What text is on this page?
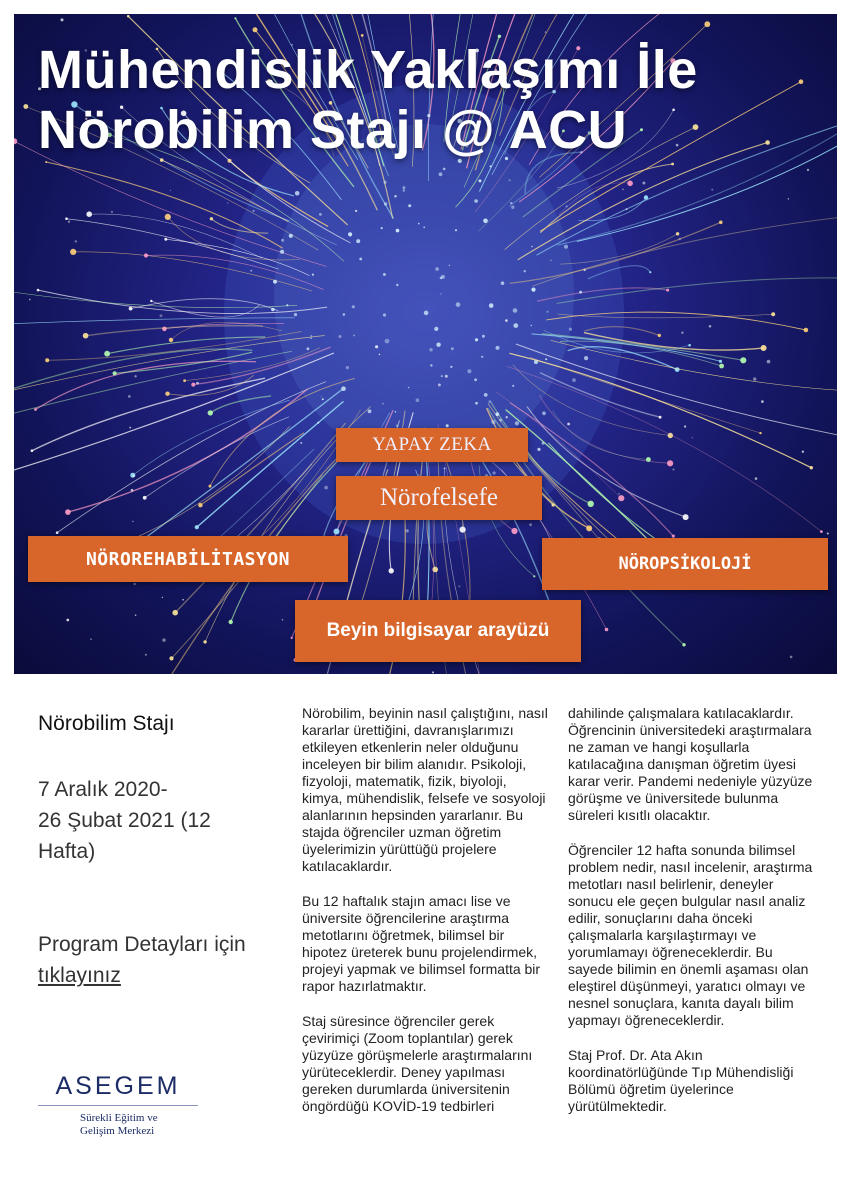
Mühendislik Yaklaşımı İle
Nörobilim Stajı @ ACU
YAPAY ZEKA
Nörofelsefe
NÖROREHABİLİTASYON	NÖROPSİKOLOJİ
Beyin bilgisayar arayüzü
Nörobilim Stajı
7 Aralık 2020-
26 Şubat 2021 (12
Hafta)
Program Detayları için
tıklayınız

Nörobilim, beyinin nasıl çalıştığını, nasıl kararlar ürettiğini, davranışlarımızı etkileyen etkenlerin neler olduğunu inceleyen bir bilim alanıdır. Psikoloji, fizyoloji, matematik, fizik, biyoloji, kimya, mühendislik, felsefe ve sosyoloji alanlarının hepsinden yararlanır. Bu stajda öğrenciler uzman öğretim üyelerimizin yürüttüğü projelere katılacaklardır.

Bu 12 haftalık stajın amacı lise ve üniversite öğrencilerine araştırma metotlarını öğretmek, bilimsel bir hipotez üreterek bunu projelendirmek, projeyi yapmak ve bilimsel formatta bir rapor hazırlatmaktır.

Staj süresince öğrenciler gerek çevirimiçi (Zoom toplantılar) gerek yüzyüze görüşmelerle araştırmalarını yürüteceklerdir. Deney yapılması gereken durumlarda üniversitenin öngördüğü KOVİD-19 tedbirleri

dahilinde çalışmalara katılacaklardır. Öğrencinin üniversitedeki araştırmalara ne zaman ve hangi koşullarla katılacağına danışman öğretim üyesi karar verir. Pandemi nedeniyle yüzyüze görüşme ve üniversitede bulunma süreleri kısıtlı olacaktır.

Öğrenciler 12 hafta sonunda bilimsel problem nedir, nasıl incelenir, araştırma metotları nasıl belirlenir, deneyler sonucu ele geçen bulgular nasıl analiz edilir, sonuçlarını daha önceki çalışmalarla karşılaştırmayı ve yorumlamayı öğreneceklerdir. Bu sayede bilimin en önemli aşaması olan eleştirel düşünmeyi, yaratıcı olmayı ve nesnel sonuçlara, kanıta dayalı bilim yapmayı öğreneceklerdir.

Staj Prof. Dr. Ata Akın koordinatörlüğünde Tıp Mühendisliği Bölümü öğretim üyelerince yürütülmektedir.

ASEGEM
Sürekli Eğitim ve
Gelişim Merkezi
